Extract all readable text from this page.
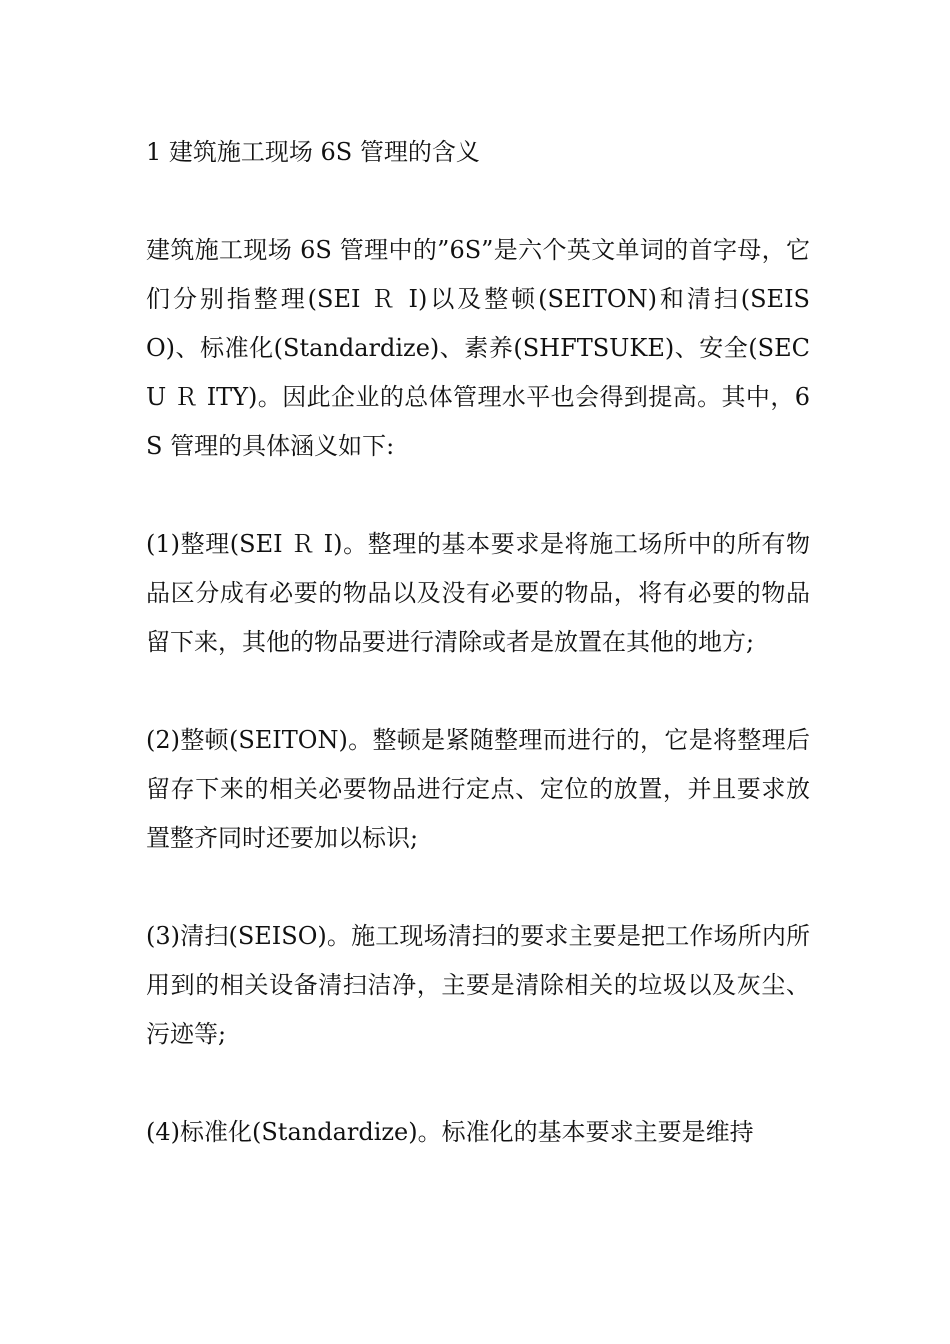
1 建筑施工现场 6S 管理的含义

建筑施工现场 6S 管理中的”6S”是六个英文单词的首字母，它们分别指整理(SEI Ｒ I)以及整顿(SEITON)和清扫(SEISO)、标准化(Standardize)、素养(SHFTSUKE)、安全(SECU Ｒ ITY)。因此企业的总体管理水平也会得到提高。其中，6S 管理的具体涵义如下:

(1)整理(SEI Ｒ I)。整理的基本要求是将施工场所中的所有物品区分成有必要的物品以及没有必要的物品，将有必要的物品留下来，其他的物品要进行清除或者是放置在其他的地方;

(2)整顿(SEITON)。整顿是紧随整理而进行的，它是将整理后留存下来的相关必要物品进行定点、定位的放置，并且要求放置整齐同时还要加以标识;

(3)清扫(SEISO)。施工现场清扫的要求主要是把工作场所内所用到的相关设备清扫洁净，主要是清除相关的垃圾以及灰尘、污迹等;

(4)标准化(Standardize)。标准化的基本要求主要是维持
